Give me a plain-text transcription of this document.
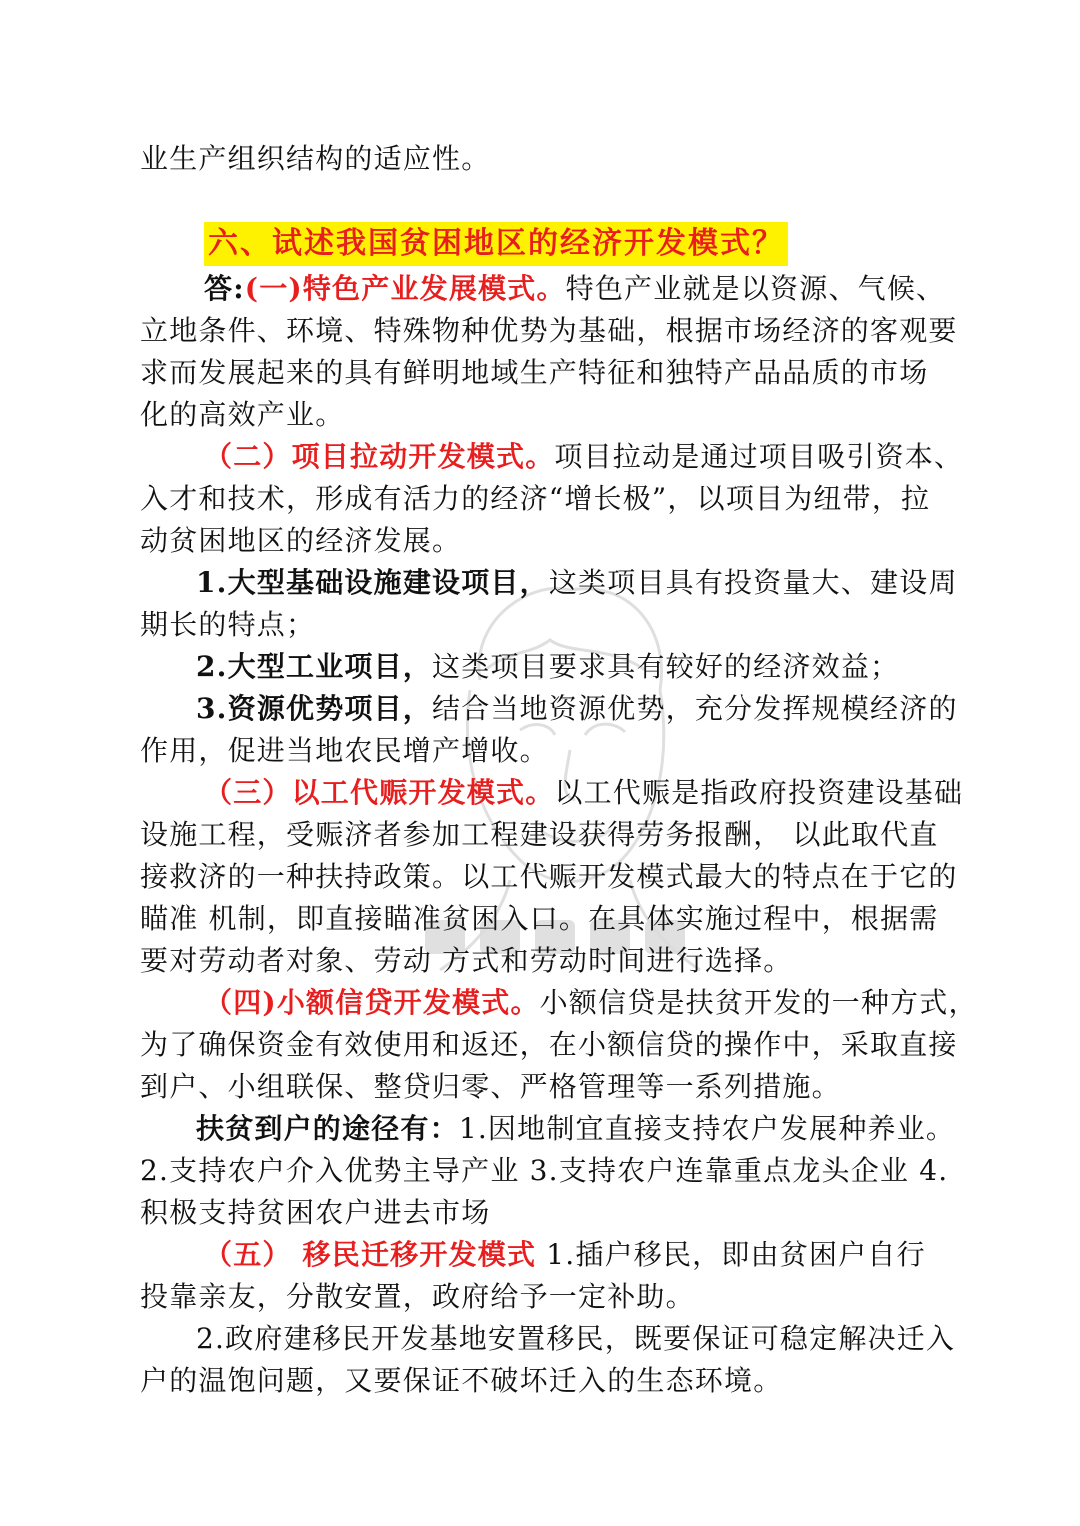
业生产组织结构的适应性。
六、试述我国贫困地区的经济开发模式？
答:(一)特色产业发展模式。特色产业就是以资源、气候、
立地条件、环境、特殊物种优势为基础，根据市场经济的客观要
求而发展起来的具有鲜明地域生产特征和独特产品品质的市场
化的高效产业。
（二）项目拉动开发模式。项目拉动是通过项目吸引资本、
入才和技术，形成有活力的经济“增长极”，以项目为纽带，拉
动贫困地区的经济发展。
1.大型基础设施建设项目，这类项目具有投资量大、建设周
期长的特点；
2.大型工业项目，这类项目要求具有较好的经济效益；
3.资源优势项目，结合当地资源优势，充分发挥规模经济的
作用，促进当地农民增产增收。
（三）以工代赈开发模式。以工代赈是指政府投资建设基础
设施工程，受赈济者参加工程建设获得劳务报酬， 以此取代直
接救济的一种扶持政策。以工代赈开发模式最大的特点在于它的
瞄准 机制，即直接瞄准贫困入口。在具体实施过程中，根据需
要对劳动者对象、劳动 方式和劳动时间进行选择。
（四)小额信贷开发模式。小额信贷是扶贫开发的一种方式，
为了确保资金有效使用和返还，在小额信贷的操作中，采取直接
到户、小组联保、整贷归零、严格管理等一系列措施。
扶贫到户的途径有：1.因地制宜直接支持农户发展种养业。
2.支持农户介入优势主导产业 3.支持农户连靠重点龙头企业 4.
积极支持贫困农户进去市场
（五） 移民迁移开发模式 1.插户移民，即由贫困户自行
投靠亲友，分散安置，政府给予一定补助。
2.政府建移民开发基地安置移民，既要保证可稳定解决迁入
户的温饱问题，又要保证不破坏迁入的生态环境。
